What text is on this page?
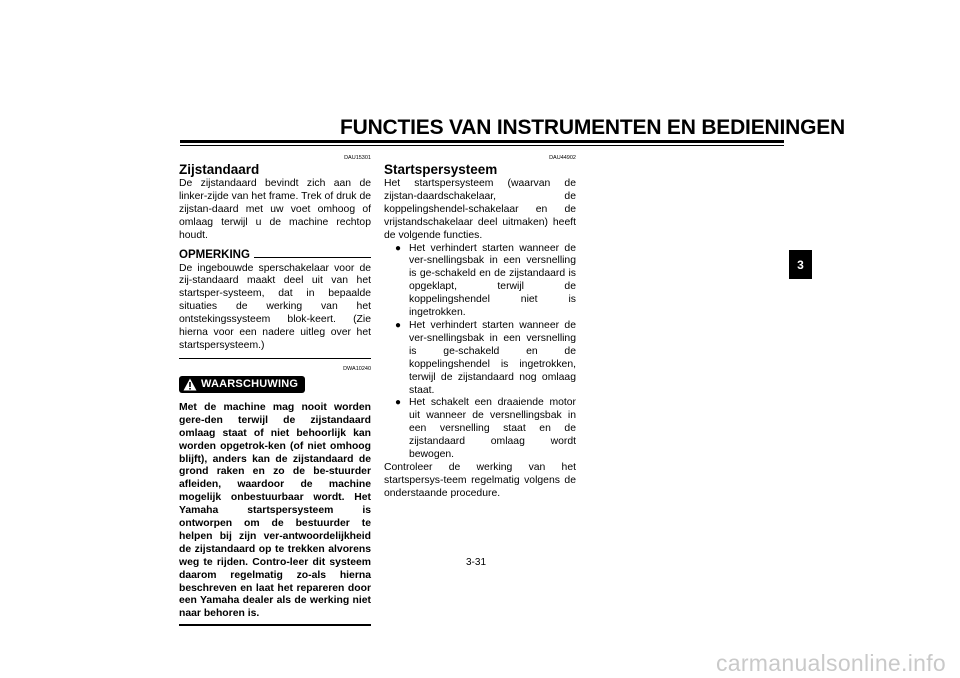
FUNCTIES VAN INSTRUMENTEN EN BEDIENINGEN
DAU15301
Zijstandaard

De zijstandaard bevindt zich aan de linker-zijde van het frame. Trek of druk de zijstan-daard met uw voet omhoog of omlaag terwijl u de machine rechtop houdt.

OPMERKING

De ingebouwde sperschakelaar voor de zij-standaard maakt deel uit van het startsper-systeem, dat in bepaalde situaties de werking van het ontstekingssysteem blok-keert. (Zie hierna voor een nadere uitleg over het startspersysteem.)

DWA10240
WAARSCHUWING

Met de machine mag nooit worden gere-den terwijl de zijstandaard omlaag staat of niet behoorlijk kan worden opgetrok-ken (of niet omhoog blijft), anders kan de zijstandaard de grond raken en zo de be-stuurder afleiden, waardoor de machine mogelijk onbestuurbaar wordt. Het Yamaha startspersysteem is ontworpen om de bestuurder te helpen bij zijn ver-antwoordelijkheid de zijstandaard op te trekken alvorens weg te rijden. Contro-leer dit systeem daarom regelmatig zo-als hierna beschreven en laat het repareren door een Yamaha dealer als de werking niet naar behoren is.

DAU44902
Startspersysteem

Het startspersysteem (waarvan de zijstan-daardschakelaar, de koppelingshendel-schakelaar en de vrijstandschakelaar deel uitmaken) heeft de volgende functies.

● Het verhindert starten wanneer de ver-snellingsbak in een versnelling is ge-schakeld en de zijstandaard is opgeklapt, terwijl de koppelingshendel niet is ingetrokken.
● Het verhindert starten wanneer de ver-snellingsbak in een versnelling is ge-schakeld en de koppelingshendel is ingetrokken, terwijl de zijstandaard nog omlaag staat.
● Het schakelt een draaiende motor uit wanneer de versnellingsbak in een versnelling staat en de zijstandaard omlaag wordt bewogen.

Controleer de werking van het startspersys-teem regelmatig volgens de onderstaande procedure.

3
3-31
carmanualsonline.info
